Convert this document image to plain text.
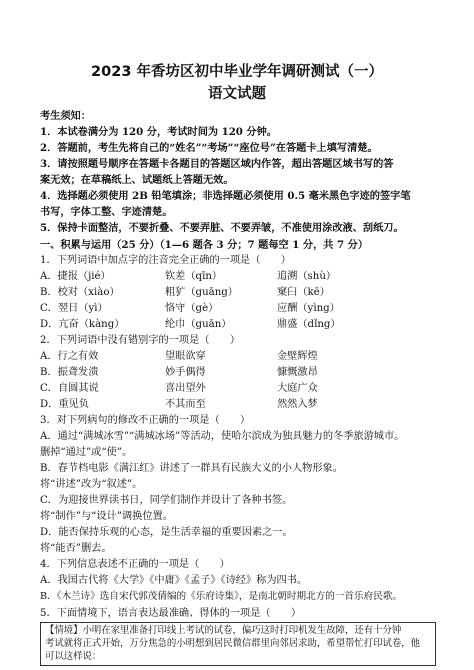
2023 年香坊区初中毕业学年调研测试（一）
语文试题
考生须知：
1．本试卷满分为 120 分，考试时间为 120 分钟。
2．答题前，考生先将自己的“姓名”“考场”“座位号”在答题卡上填写清楚。
3．请按照题号顺序在答题卡各题目的答题区域内作答，超出答题区域书写的答
案无效；在草稿纸上、试题纸上答题无效。
4．选择题必须使用 2B 铅笔填涂；非选择题必须使用 0.5 毫米黑色字迹的签字笔
书写，字体工整、字迹清楚。
5．保持卡面整洁，不要折叠、不要弄脏、不要弄皱，不准使用涂改液、刮纸刀。
一、积累与运用（25 分）（1—6 题各 3 分；7 题每空 1 分，共 7 分）
1．下列词语中加点字的注音完全正确的一项是（　　）
A．捷报（jié）	钦差（qīn）	追溯（shù）
B．校对（xiào）	粗犷（guāng）	窠臼（kē）
C．翌日（yì）	恪守（gè）	应酬（yìng）
D．亢奋（kàng）	纶巾（guān）	鼎盛（dǐng）
2．下列词语中没有错别字的一项是（　　）
A．行之有效	望眼欲穿	金壁辉煌
B．振聋发溃	妙手偶得	慷慨激昂
C．自圆其说	喜出望外	大庭广众
D．重见负	不其而至	然然入梦
3．对下列病句的修改不正确的一项是（　　）
A．通过“满城冰雪”“满城冰场”等活动，使哈尔滨成为独具魅力的冬季旅游城市。
删掉“通过”或“使”。
B．春节档电影《满江红》讲述了一群具有民族大义的小人物形象。
将“讲述”改为“叙述”。
C．为迎接世界读书日，同学们制作并设计了各种书签。
将“制作”与“设计”调换位置。
D．能否保持乐观的心态，是生活幸福的重要因素之一。
将“能否”删去。
4．下列信息表述不正确的一项是（　　）
A．我国古代将《大学》《中庸》《孟子》《诗经》称为四书。
B．《木兰诗》选自宋代郭茂倩编的《乐府诗集》，是南北朝时期北方的一首乐府民歌。
5．下面情境下，语言表达最准确、得体的一项是（　　）
【情境】小明在家里准备打印线上考试的试卷，偏巧这时打印机发生故障，还有十分钟
考试就将正式开始，万分焦急的小明想到居民微信群里向邻居求助，希望帮忙打印试卷，他
可以这样说：
